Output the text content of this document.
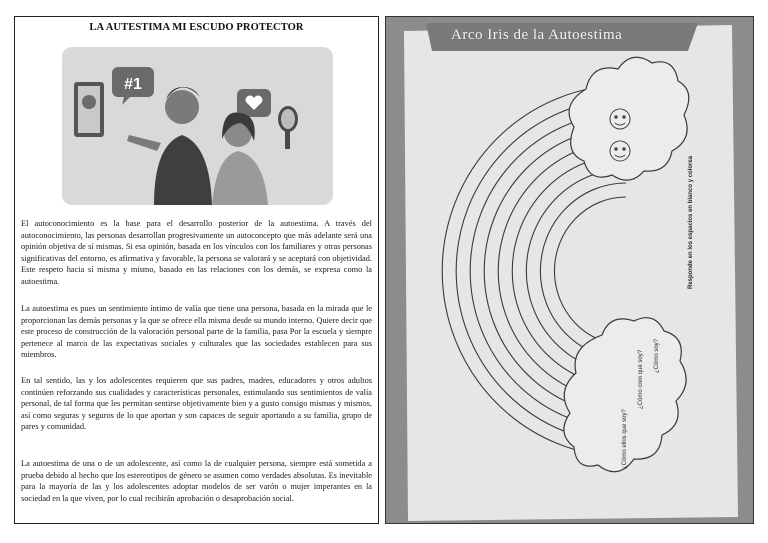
LA AUTESTIMA MI ESCUDO PROTECTOR
#1

El autoconocimiento es la base para el desarrollo posterior de la autoestima. A través del autoconocimiento, las personas desarrollan progresivamente un autoconcepto que más adelante será una opinión objetiva de sí mismas. Si esa opinión, basada en los vínculos con los familiares y otras personas significativas del entorno, es afirmativa y favorable, la persona se valorará y se aceptará con objetividad. Este respeto hacia sí misma y mismo, basado en las relaciones con los demás, se expresa como la autoestima.

La autoestima es pues un sentimiento íntimo de valía que tiene una persona, basada en la mirada que le proporcionan las demás personas y la que se ofrece ella misma desde su mundo interno. Quiere decir que este proceso de construcción de la valoración personal parte de la familia, pasa Por la escuela y siempre pertenece al marco de las expectativas sociales y culturales que las sociedades establecen para sus miembros.

En tal sentido, las y los adolescentes requieren que sus padres, madres, educadores y otros adultos continúen reforzando sus cualidades y características personales, estimulando sus sentimientos de valía personal, de tal forma que les permitan sentirse objetivamente bien y a gusto consigo mismas y mismos, así como seguras y seguros de lo que aportan y son capaces de seguir aportando a su familia, grupo de pares y comunidad.

La autoestima de una o de un adolescente, así como la de cualquier persona, siempre está sometida a prueba debido al hecho que los estereotipos de género se asumen como verdades absolutas. Es inevitable para la mayoría de las y los adolescentes adoptar modelos de ser varón o mujer imperantes en la sociedad en la que viven, por lo cual recibirán aprobación o desaprobación social.

Arco Iris de la Autoestima
Responde en los espacios en blanco y colorea
¿Cómo soy?
¿Cómo creo que soy?
¿Cómo ellos que soy?
